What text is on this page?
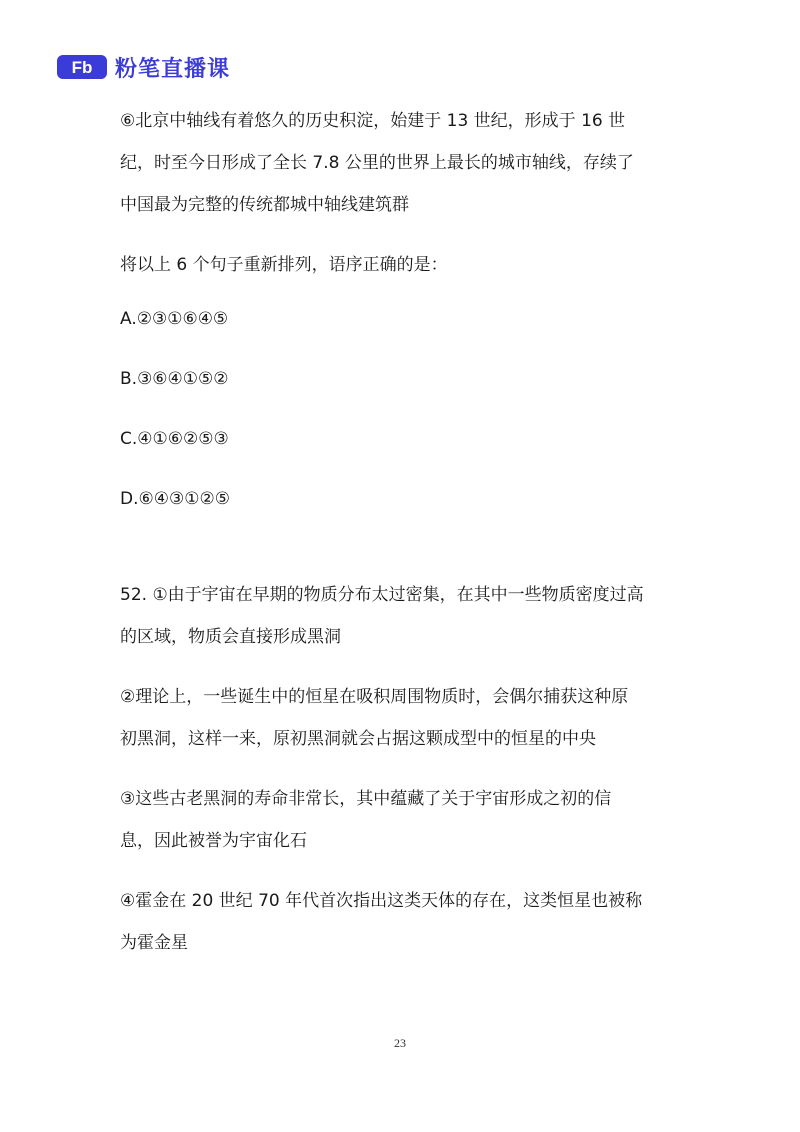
Fb 粉笔直播课

⑥北京中轴线有着悠久的历史积淀，始建于 13 世纪，形成于 16 世

纪，时至今日形成了全长 7.8 公里的世界上最长的城市轴线，存续了

中国最为完整的传统都城中轴线建筑群

将以上 6 个句子重新排列，语序正确的是：

A.②③①⑥④⑤

B.③⑥④①⑤②

C.④①⑥②⑤③

D.⑥④③①②⑤

52. ①由于宇宙在早期的物质分布太过密集，在其中一些物质密度过高

的区域，物质会直接形成黑洞

②理论上，一些诞生中的恒星在吸积周围物质时，会偶尔捕获这种原

初黑洞，这样一来，原初黑洞就会占据这颗成型中的恒星的中央

③这些古老黑洞的寿命非常长，其中蕴藏了关于宇宙形成之初的信

息，因此被誉为宇宙化石

④霍金在 20 世纪 70 年代首次指出这类天体的存在，这类恒星也被称

为霍金星

23
